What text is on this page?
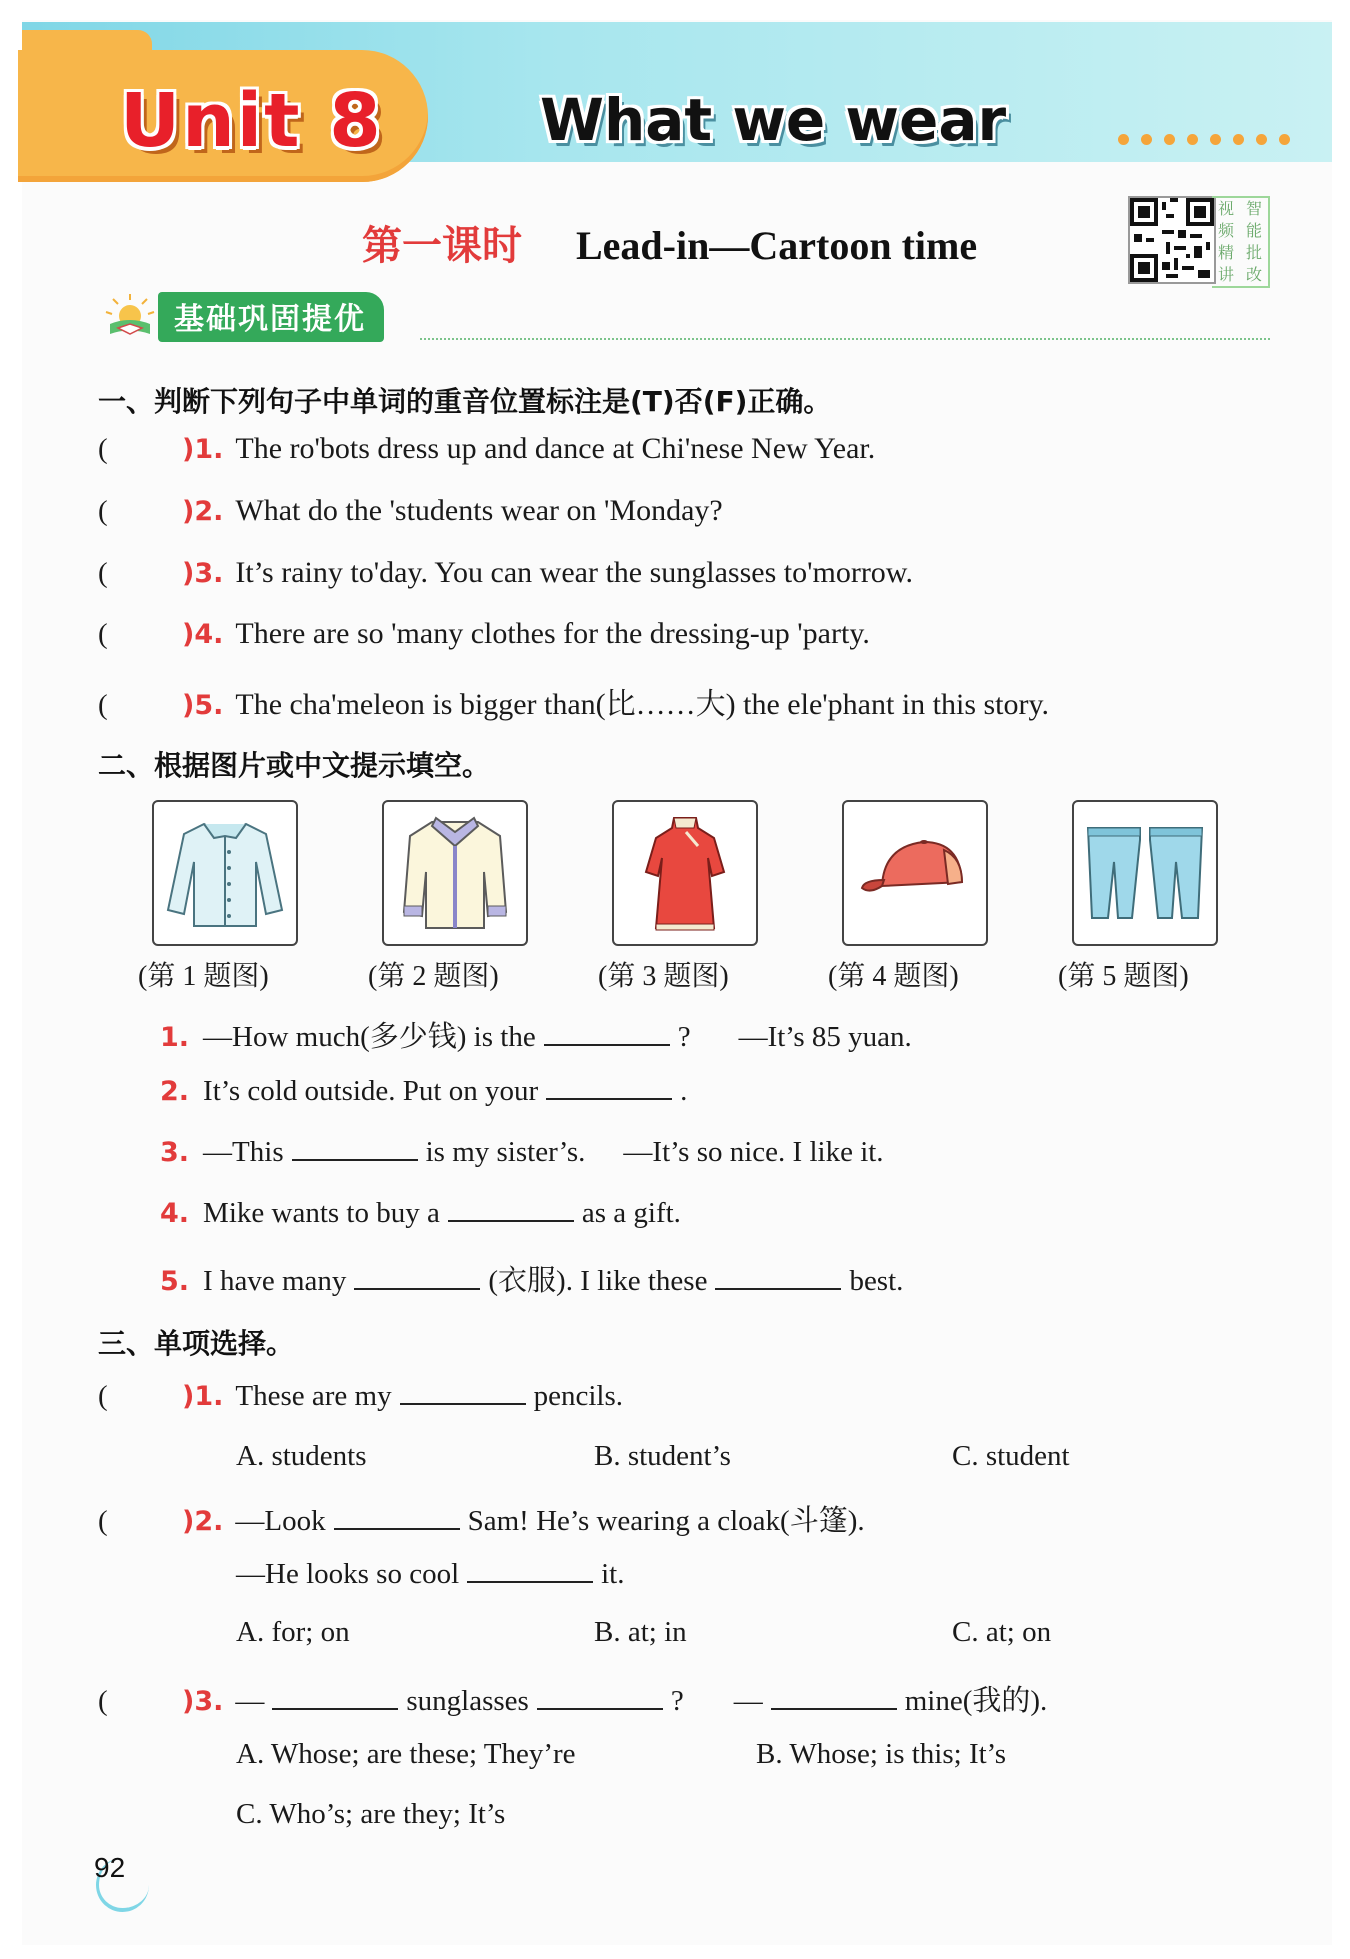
Unit 8	What we wear
第一课时 Lead-in—Cartoon time
视 智
频 能
精 批
讲 改
基础巩固提优
一、判断下列句子中单词的重音位置标注是(T)否(F)正确。
(	)1. The ro'bots dress up and dance at Chi'nese New Year.
(	)2. What do the 'students wear on 'Monday?
(	)3. It’s rainy to'day. You can wear the sunglasses to'morrow.
(	)4. There are so 'many clothes for the dressing-up 'party.
(	)5. The cha'meleon is bigger than(比……大) the ele'phant in this story.
二、根据图片或中文提示填空。
(第 1 题图)	(第 2 题图)	(第 3 题图)	(第 4 题图)	(第 5 题图)
1. —How much(多少钱) is the	? —It’s 85 yuan.
2. It’s cold outside. Put on your	.
3. —This	is my sister’s. —It’s so nice. I like it.
4. Mike wants to buy a	as a gift.
5. I have many	(衣服). I like these	best.
三、单项选择。
(	)1. These are my	pencils.
A. students	B. student’s	C. student
(	)2. —Look	Sam! He’s wearing a cloak(斗篷).
—He looks so cool	it.
A. for; on	B. at; in	C. at; on
(	)3. —	sunglasses	? —	mine(我的).
A. Whose; are these; They’re	B. Whose; is this; It’s
C. Who’s; are they; It’s
92
